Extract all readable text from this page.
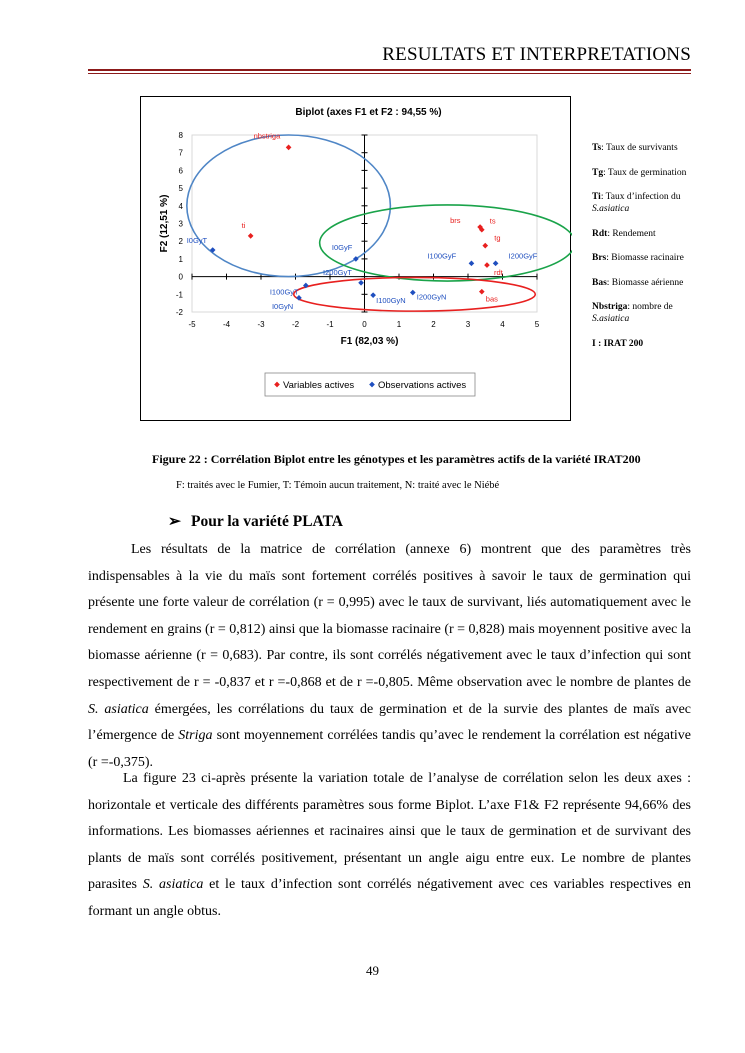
RESULTATS ET INTERPRETATIONS
Biplot (axes F1 et F2 : 94,55 %)
-5	-4	-3	-2	-1	0	1	2	3	4	5
-2
-1
0
1
2
3
4
5
6
7
8
F1 (82,03 %)
F2 (12,51 %)
nbstriga
ti
brs	ts
tg
rdt
bas
I0GyT
I0GyF
I100GyF	I200GyF
I100GyT
I200GyT
I0GyN
I100GyN I200GyN
Variables actives	Observations actives

Ts: Taux de survivants

Tg: Taux de germination

Ti: Taux d’infection du S.asiatica

Rdt: Rendement

Brs: Biomasse racinaire

Bas: Biomasse aérienne

Nbstriga: nombre de S.asiatica

I : IRAT 200

Figure 22 : Corrélation Biplot entre les génotypes et les paramètres actifs de la variété IRAT200
F: traités avec le Fumier, T: Témoin aucun traitement, N: traité avec le Niébé
➢ Pour la variété PLATA
Les résultats de la matrice de corrélation (annexe 6) montrent que des paramètres très indispensables à la vie du maïs sont fortement corrélés positives à savoir le taux de germination qui présente une forte valeur de corrélation (r = 0,995) avec le taux de survivant, liés automatiquement avec le rendement en grains (r = 0,812) ainsi que la biomasse racinaire (r = 0,828) mais moyennent positive avec la biomasse aérienne (r = 0,683). Par contre, ils sont corrélés négativement avec le taux d’infection qui sont respectivement de r = -0,837 et r =-0,868 et de r =-0,805. Même observation avec le nombre de plantes de S. asiatica émergées, les corrélations du taux de germination et de la survie des plantes de maïs avec l’émergence de Striga sont moyennement corrélées tandis qu’avec le rendement la corrélation est négative (r =-0,375).
La figure 23 ci-après présente la variation totale de l’analyse de corrélation selon les deux axes : horizontale et verticale des différents paramètres sous forme Biplot. L’axe F1& F2 représente 94,66% des informations. Les biomasses aériennes et racinaires ainsi que le taux de germination et de survivant des plants de maïs sont corrélés positivement, présentant un angle aigu entre eux. Le nombre de plantes parasites S. asiatica et le taux d’infection sont corrélés négativement avec ces variables respectives en formant un angle obtus.
49
